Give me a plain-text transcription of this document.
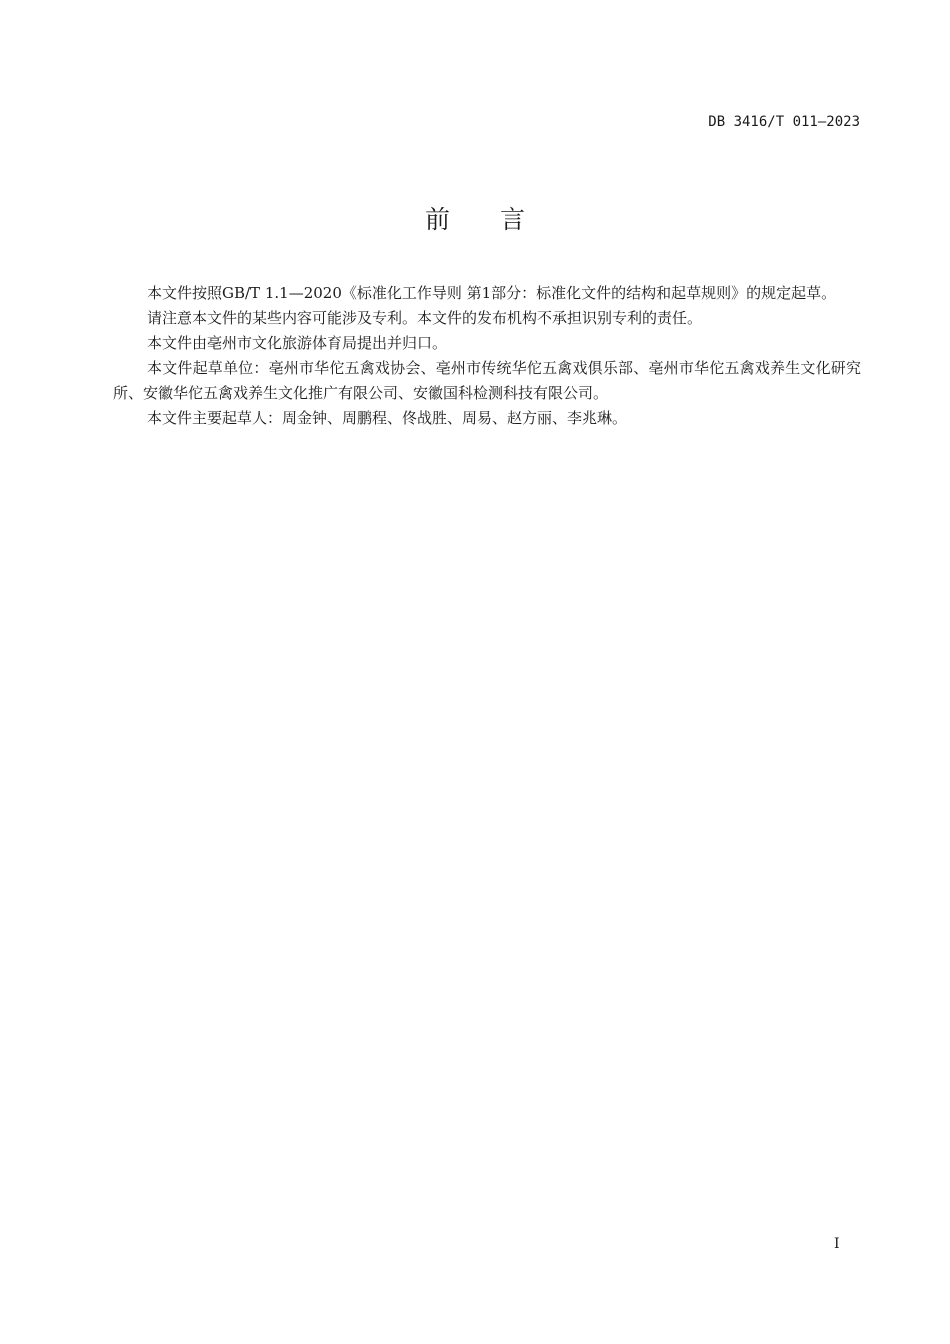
DB 3416/T 011—2023
前 言

本文件按照GB/T 1.1—2020《标准化工作导则 第1部分：标准化文件的结构和起草规则》的规定起草。

请注意本文件的某些内容可能涉及专利。本文件的发布机构不承担识别专利的责任。

本文件由亳州市文化旅游体育局提出并归口。

本文件起草单位：亳州市华佗五禽戏协会、亳州市传统华佗五禽戏俱乐部、亳州市华佗五禽戏养生文化研究所、安徽华佗五禽戏养生文化推广有限公司、安徽国科检测科技有限公司。

本文件主要起草人：周金钟、周鹏程、佟战胜、周易、赵方丽、李兆琳。

I
